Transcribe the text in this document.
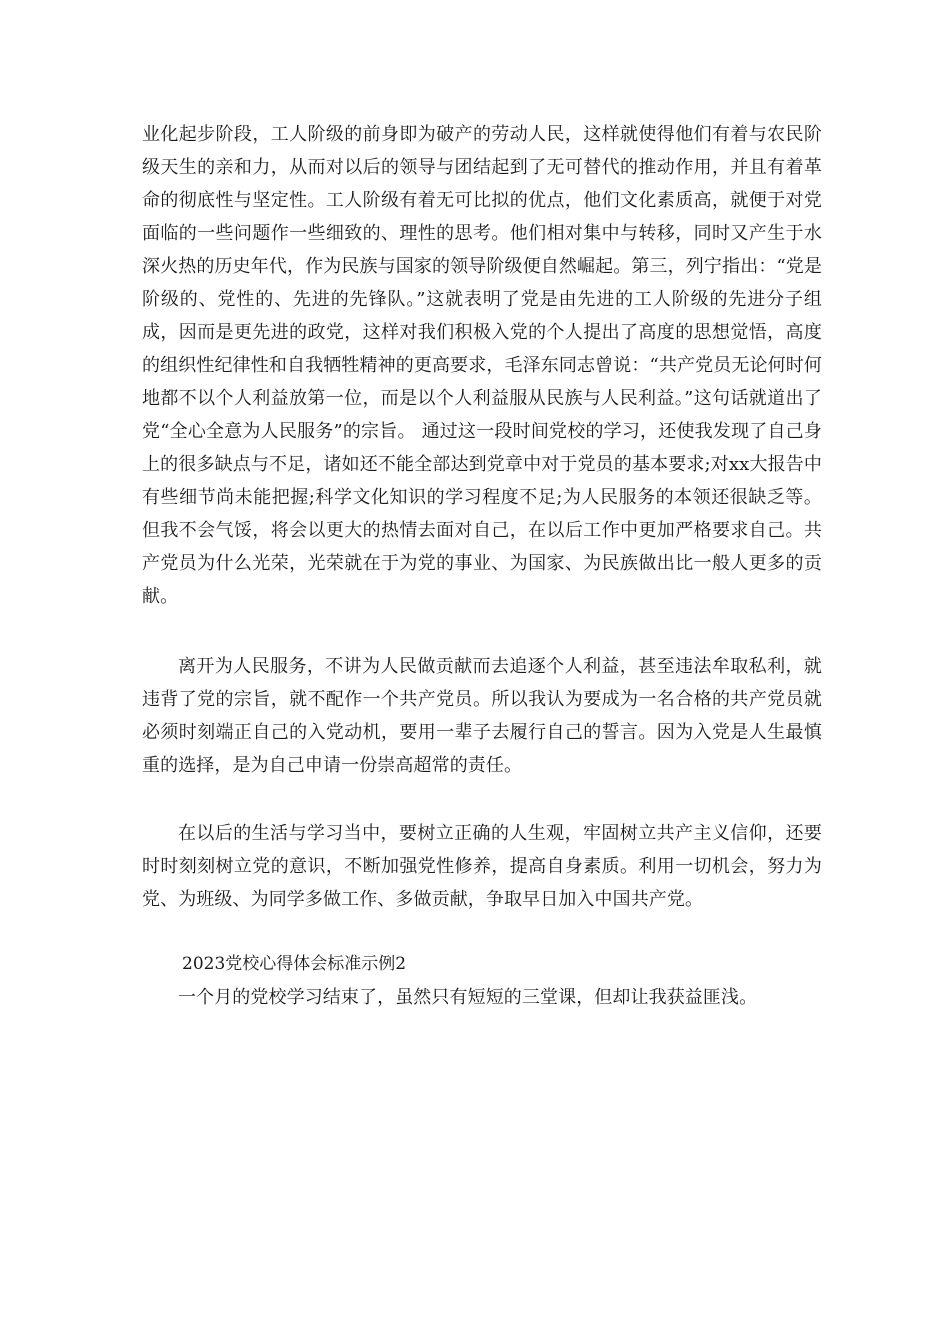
业化起步阶段，工人阶级的前身即为破产的劳动人民，这样就使得他们有着与农民阶级天生的亲和力，从而对以后的领导与团结起到了无可替代的推动作用，并且有着革命的彻底性与坚定性。工人阶级有着无可比拟的优点，他们文化素质高，就便于对党面临的一些问题作一些细致的、理性的思考。他们相对集中与转移，同时又产生于水深火热的历史年代，作为民族与国家的领导阶级便自然崛起。第三，列宁指出：“党是阶级的、党性的、先进的先锋队。”这就表明了党是由先进的工人阶级的先进分子组成，因而是更先进的政党，这样对我们积极入党的个人提出了高度的思想觉悟，高度的组织性纪律性和自我牺牲精神的更高要求，毛泽东同志曾说：“共产党员无论何时何地都不以个人利益放第一位，而是以个人利益服从民族与人民利益。”这句话就道出了党“全心全意为人民服务”的宗旨。 通过这一段时间党校的学习，还使我发现了自己身上的很多缺点与不足，诸如还不能全部达到党章中对于党员的基本要求;对xx大报告中有些细节尚未能把握;科学文化知识的学习程度不足;为人民服务的本领还很缺乏等。但我不会气馁，将会以更大的热情去面对自己，在以后工作中更加严格要求自己。共产党员为什么光荣，光荣就在于为党的事业、为国家、为民族做出比一般人更多的贡献。

离开为人民服务，不讲为人民做贡献而去追逐个人利益，甚至违法牟取私利，就违背了党的宗旨，就不配作一个共产党员。所以我认为要成为一名合格的共产党员就必须时刻端正自己的入党动机，要用一辈子去履行自己的誓言。因为入党是人生最慎重的选择，是为自己申请一份崇高超常的责任。

在以后的生活与学习当中，要树立正确的人生观，牢固树立共产主义信仰，还要时时刻刻树立党的意识，不断加强党性修养，提高自身素质。利用一切机会，努力为党、为班级、为同学多做工作、多做贡献，争取早日加入中国共产党。

2023党校心得体会标准示例2

一个月的党校学习结束了，虽然只有短短的三堂课，但却让我获益匪浅。
